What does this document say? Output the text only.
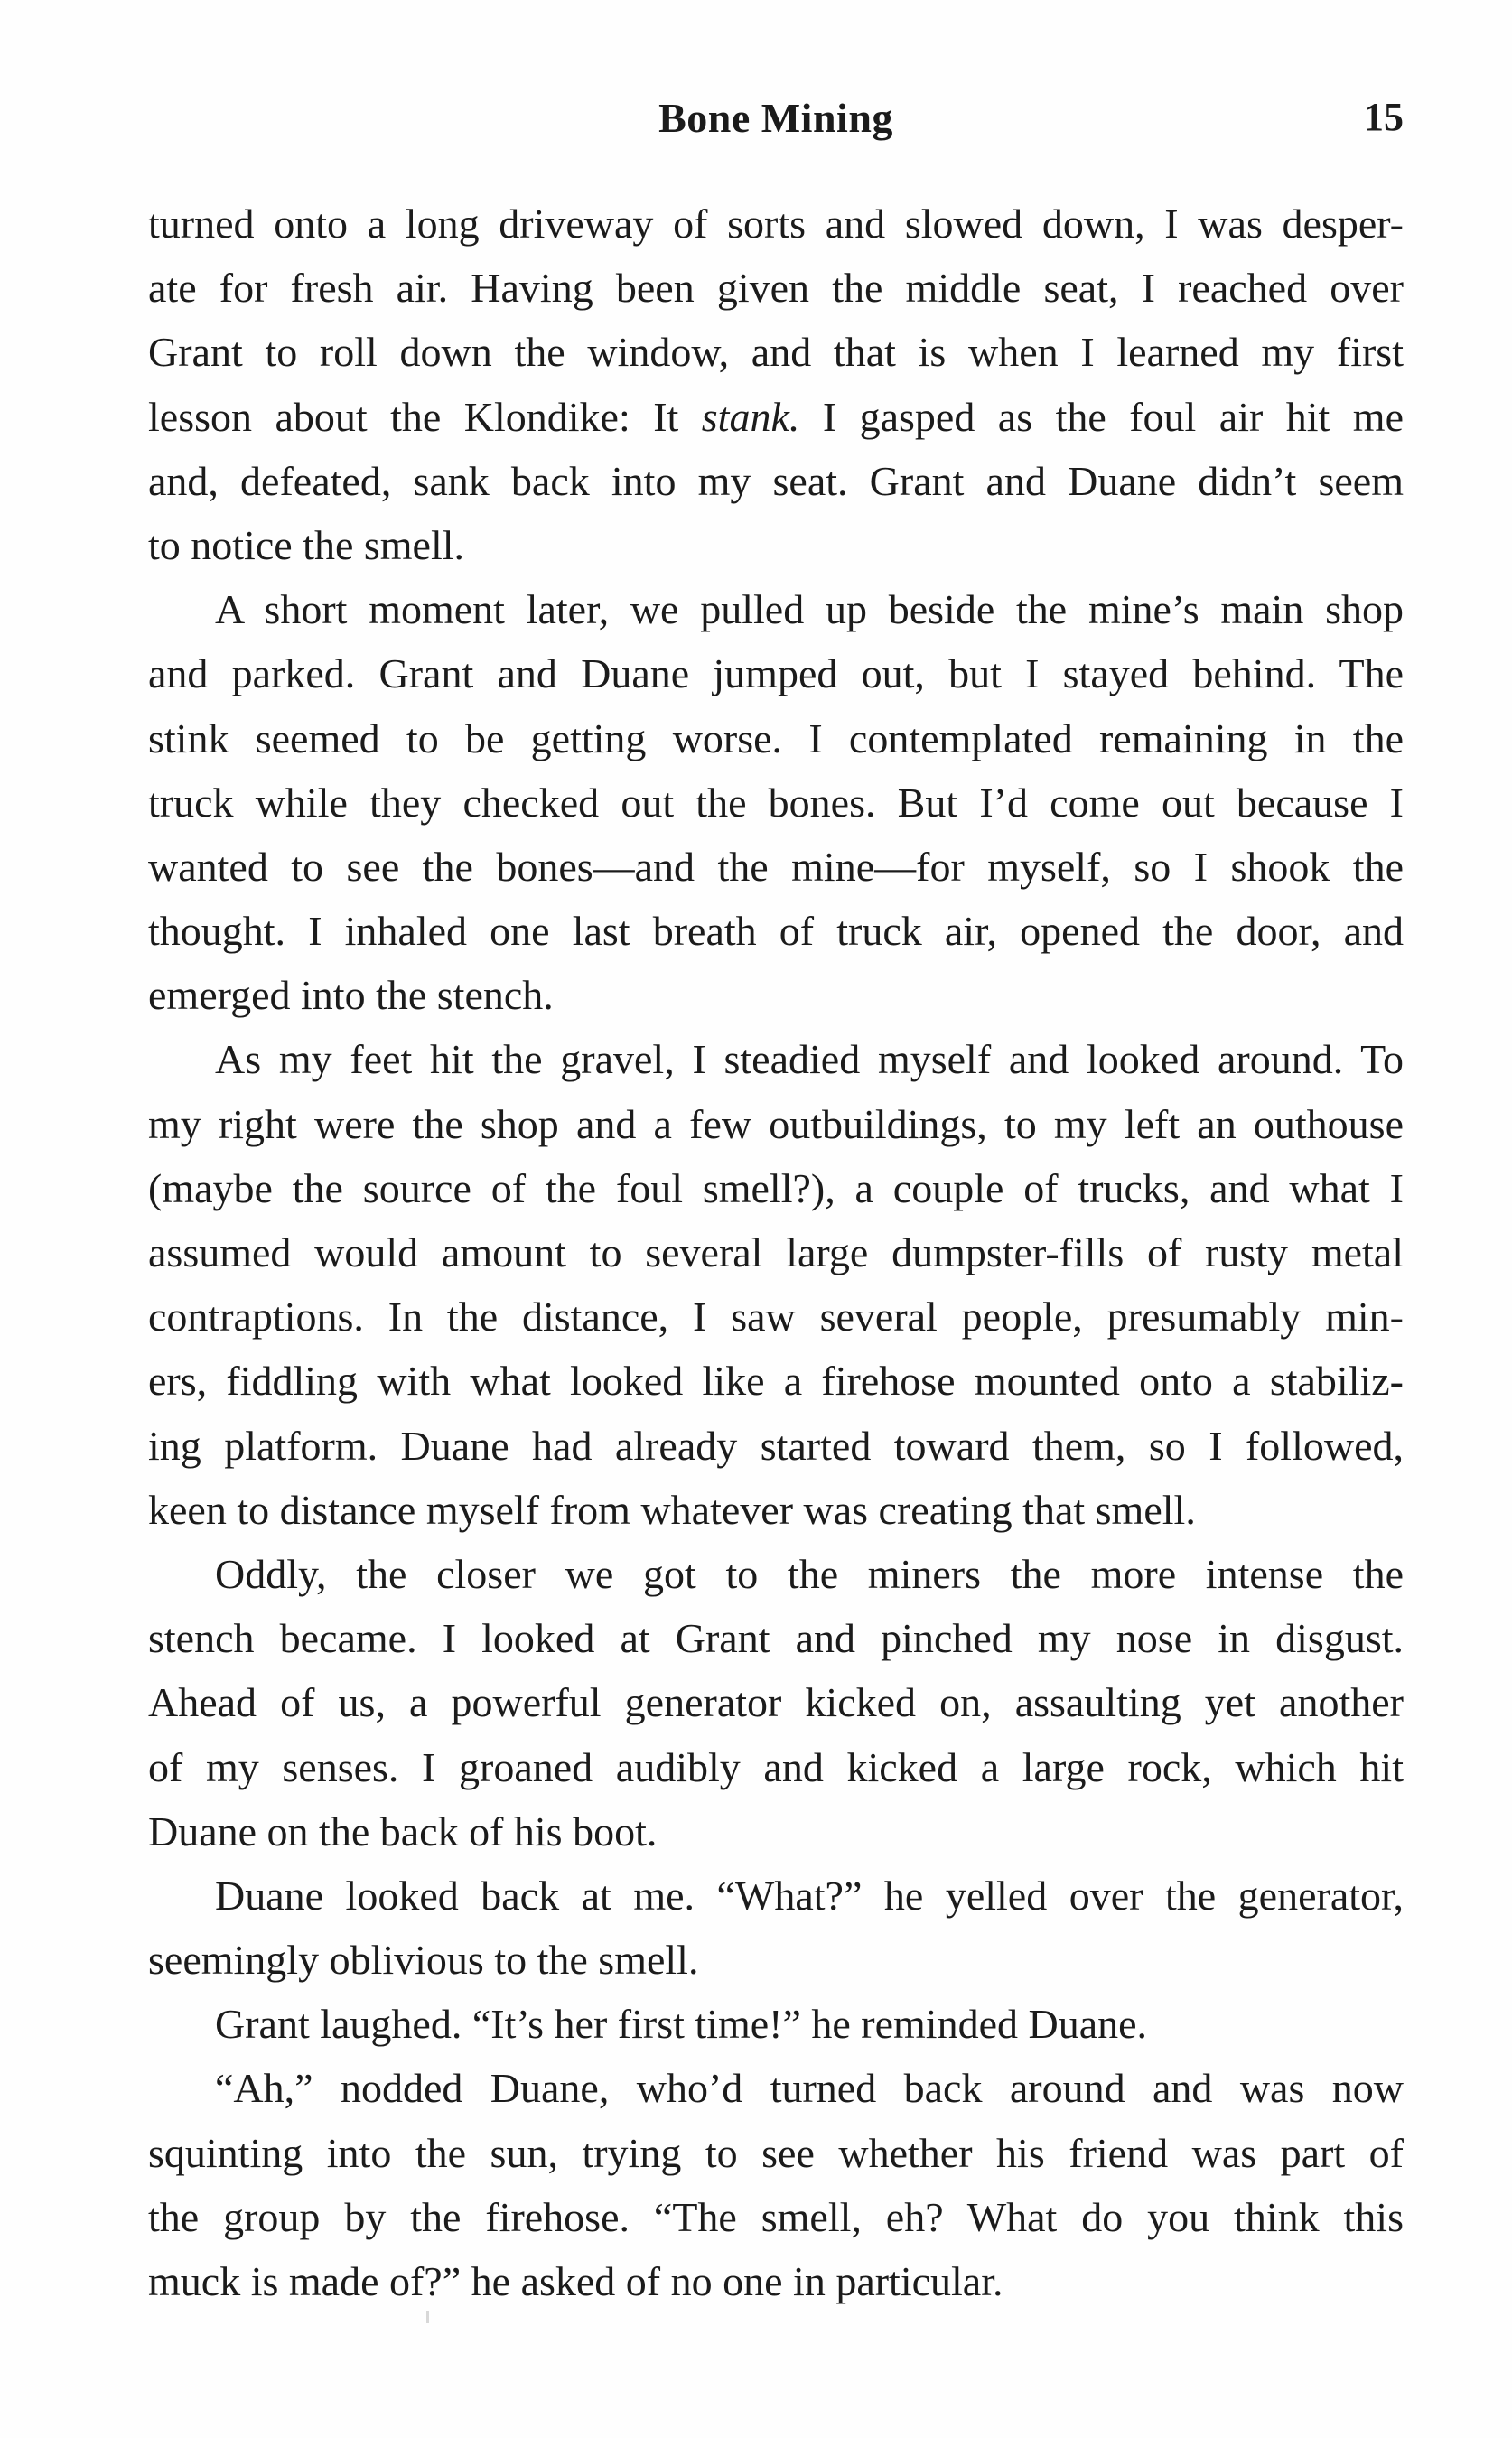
Bone Mining	15
turned onto a long driveway of sorts and slowed down, I was desper-
ate for fresh air. Having been given the middle seat, I reached over
Grant to roll down the window, and that is when I learned my first
lesson about the Klondike: It stank. I gasped as the foul air hit me
and, defeated, sank back into my seat. Grant and Duane didn’t seem
to notice the smell.
A short moment later, we pulled up beside the mine’s main shop
and parked. Grant and Duane jumped out, but I stayed behind. The
stink seemed to be getting worse. I contemplated remaining in the
truck while they checked out the bones. But I’d come out because I
wanted to see the bones—and the mine—for myself, so I shook the
thought. I inhaled one last breath of truck air, opened the door, and
emerged into the stench.
As my feet hit the gravel, I steadied myself and looked around. To
my right were the shop and a few outbuildings, to my left an outhouse
(maybe the source of the foul smell?), a couple of trucks, and what I
assumed would amount to several large dumpster-fills of rusty metal
contraptions. In the distance, I saw several people, presumably min-
ers, fiddling with what looked like a firehose mounted onto a stabiliz-
ing platform. Duane had already started toward them, so I followed,
keen to distance myself from whatever was creating that smell.
Oddly, the closer we got to the miners the more intense the
stench became. I looked at Grant and pinched my nose in disgust.
Ahead of us, a powerful generator kicked on, assaulting yet another
of my senses. I groaned audibly and kicked a large rock, which hit
Duane on the back of his boot.
Duane looked back at me. “What?” he yelled over the generator,
seemingly oblivious to the smell.
Grant laughed. “It’s her first time!” he reminded Duane.
“Ah,” nodded Duane, who’d turned back around and was now
squinting into the sun, trying to see whether his friend was part of
the group by the firehose. “The smell, eh? What do you think this
muck is made of?” he asked of no one in particular.
